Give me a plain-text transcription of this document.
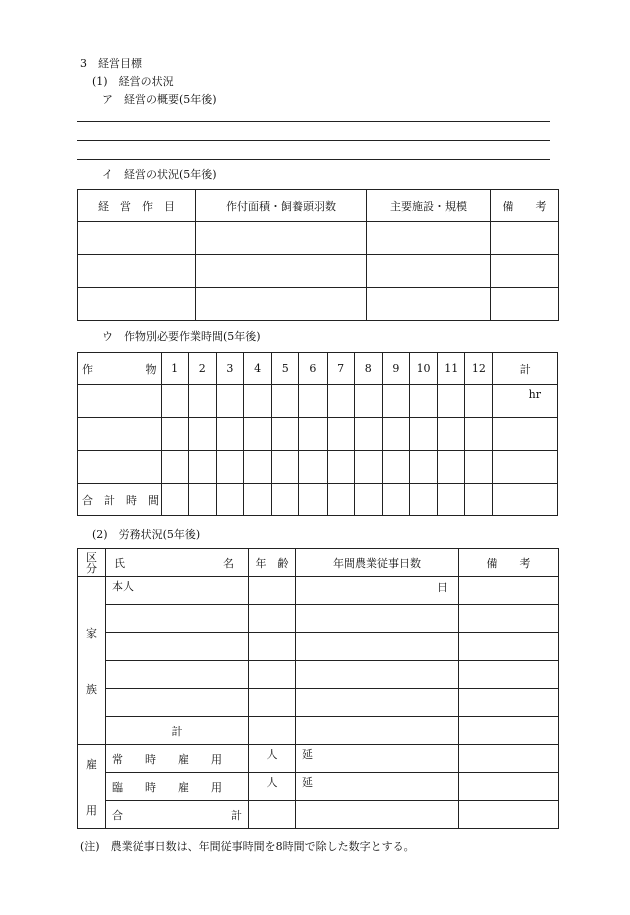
3　経営目標
(1)　経営の状況
ア　経営の概要(5年後)
イ　経営の状況(5年後)
経　営　作　目	作付面積・飼養頭羽数	主要施設・規模	備　　考

ウ　作物別必要作業時間(5年後)
作 物	1	2	3	4	5	6	7	8	9	10	11	12	計
													hr

合　計　時　間													
(2)　労務状況(5年後)
区分	氏 名	年　齢	年間農業従事日数	備　　考

家
族	本人		日	

	計			

雇
用	常　　時　　雇　　用	人	延	
	臨　　時　　雇　　用	人	延	
	合 計			

(注)　農業従事日数は、年間従事時間を8時間で除した数字とする。
